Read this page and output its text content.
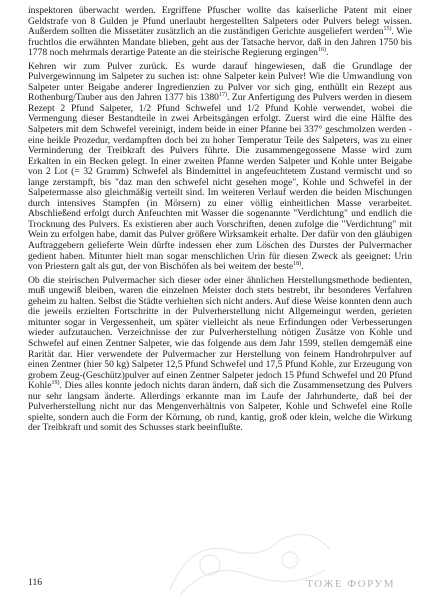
inspektoren überwacht werden. Ergriffene Pfuscher wollte das kaiserliche Patent mit einer Geldstrafe von 8 Gulden je Pfund unerlaubt hergestellten Salpeters oder Pulvers belegt wissen. Außerdem sollten die Missetäter zusätzlich an die zuständigen Gerichte ausgeliefert werden$^{15)}$. Wie fruchtlos die erwähnten Mandate blieben, geht aus der Tatsache hervor, daß in den Jahren 1750 bis 1778 noch mehrmals derartige Patente an die steirische Regierung ergingen$^{16)}$.

Kehren wir zum Pulver zurück. Es wurde darauf hingewiesen, daß die Grundlage der Pulvergewinnung im Salpeter zu suchen ist: ohne Salpeter kein Pulver! Wie die Umwandlung von Salpeter unter Beigabe anderer Ingredienzien zu Pulver vor sich ging, enthüllt ein Rezept aus Rothenburg/Tauber aus den Jahren 1377 bis 1380$^{17)}$. Zur Anfertigung des Pulvers werden in diesem Rezept 2 Pfund Salpeter, 1/2 Pfund Schwefel und 1/2 Pfund Kohle verwendet, wobei die Vermengung dieser Bestandteile in zwei Arbeitsgängen erfolgt. Zuerst wird die eine Hälfte des Salpeters mit dem Schwefel vereinigt, indem beide in einer Pfanne bei 337° geschmolzen werden - eine heikle Prozedur, verdampften doch bei zu hoher Temperatur Teile des Salpeters, was zu einer Verminderung der Treibkraft des Pulvers führte. Die zusammengegossene Masse wird zum Erkalten in ein Becken gelegt. In einer zweiten Pfanne werden Salpeter und Kohle unter Beigabe von 2 Lot (= 32 Gramm) Schwefel als Bindemittel in angefeuchtetem Zustand vermischt und so lange zerstampft, bis "daz man den schwefel nicht gesehen moge", Kohle und Schwefel in der Salpetermasse also gleichmäßig verteilt sind. Im weiteren Verlauf werden die beiden Mischungen durch intensives Stampfen (in Mörsern) zu einer völlig einheitlichen Masse verarbeitet. Abschließend erfolgt durch Anfeuchten mit Wasser die sogenannte "Verdichtung" und endlich die Trocknung des Pulvers. Es existieren aber auch Vorschriften, denen zufolge die "Verdichtung" mit Wein zu erfolgen habe, damit das Pulver größere Wirksamkeit erhalte. Der dafür von den gläubigen Auftraggebern gelieferte Wein dürfte indessen eher zum Löschen des Durstes der Pulvermacher gedient haben. Mitunter hielt man sogar menschlichen Urin für diesen Zweck als geeignet: Urin von Priestern galt als gut, der von Bischöfen als bei weitem der beste$^{18)}$.

Ob die steirischen Pulvermacher sich dieser oder einer ähnlichen Herstellungsmethode bedienten, muß ungewiß bleiben, waren die einzelnen Meister doch stets bestrebt, ihr besonderes Verfahren geheim zu halten. Selbst die Städte verhielten sich nicht anders. Auf diese Weise konnten denn auch die jeweils erzielten Fortschritte in der Pulverherstellung nicht Allgemeingut werden, gerieten mitunter sogar in Vergessenheit, um später vielleicht als neue Erfindungen oder Verbesserungen wieder aufzutauchen. Verzeichnisse der zur Pulverherstellung nötigen Zusätze von Kohle und Schwefel auf einen Zentner Salpeter, wie das folgende aus dem Jahr 1599, stellen demgemäß eine Rarität dar. Hier verwendete der Pulvermacher zur Herstellung von feinem Handrohrpulver auf einen Zentner (hier 50 kg) Salpeter 12,5 Pfund Schwefel und 17,5 Pfund Kohle, zur Erzeugung von grobem Zeug-(Geschütz)pulver auf einen Zentner Salpeter jedoch 15 Pfund Schwefel und 20 Pfund Kohle$^{19)}$. Dies alles konnte jedoch nichts daran ändern, daß sich die Zusammensetzung des Pulvers nur sehr langsam änderte. Allerdings erkannte man im Laufe der Jahrhunderte, daß bei der Pulverherstellung nicht nur das Mengenverhältnis von Salpeter, Kohle und Schwefel eine Rolle spielte, sondern auch die Form der Körnung, ob rund, kantig, groß oder klein, welche die Wirkung der Treibkraft und somit des Schusses stark beeinflußte.

116	ТОЖЕ ФОРУМ
